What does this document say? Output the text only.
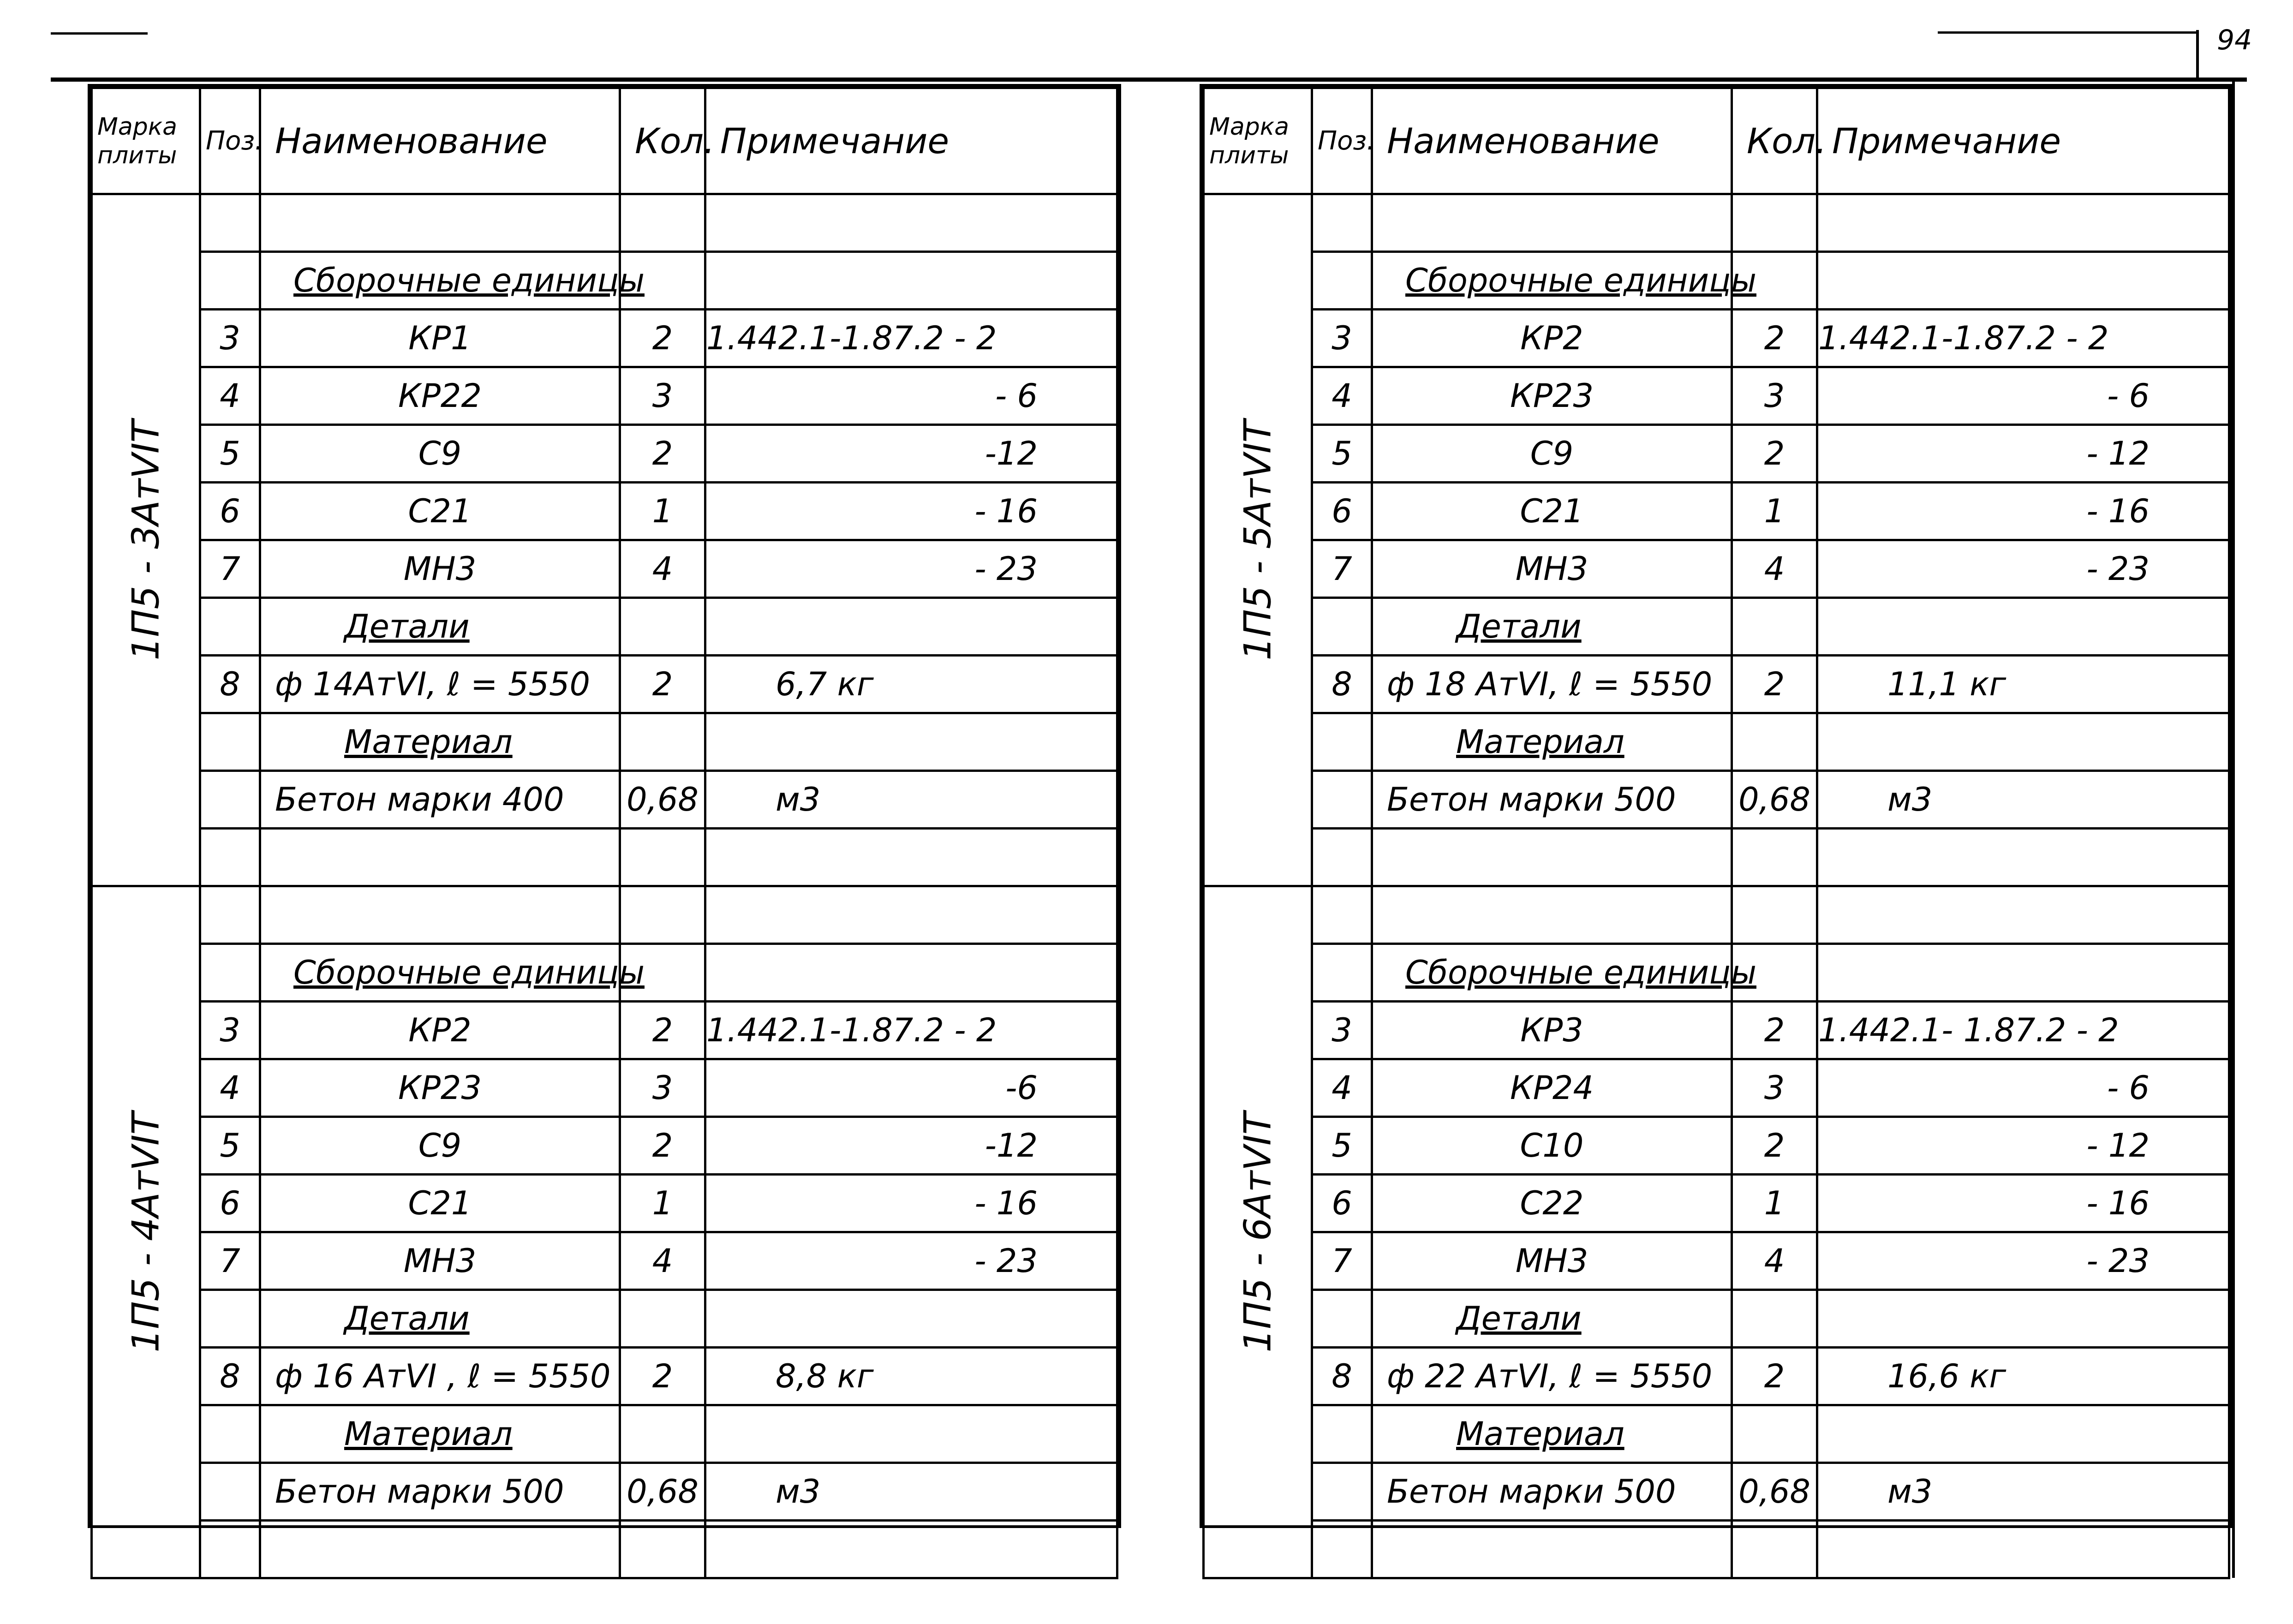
94
Марка плиты	Поз.	Наименование	Кол.	Примечание

1П5 - 3АтVIT				

		Сборочные единицы		
	3	КР1	2	1.442.1-1.87.2 - 2
	4	КР22	3	- 6
	5	С9	2	-12
	6	С21	1	- 16
	7	МН3	4	- 23
		Детали		
	8	ф 14АтVI, ℓ = 5550	2	6,7 кг
		Материал		
		Бетон марки 400	0,68	м3

1П5 - 4АтVIT				

		Сборочные единицы		
	3	КР2	2	1.442.1-1.87.2 - 2
	4	КР23	3	-6
	5	С9	2	-12
	6	С21	1	- 16
	7	МН3	4	- 23
		Детали		
	8	ф 16 АтVI , ℓ = 5550	2	8,8 кг
		Материал		
		Бетон марки 500	0,68	м3

Марка плиты	Поз.	Наименование	Кол.	Примечание

1П5 - 5АтVIT				

		Сборочные единицы		
	3	КР2	2	1.442.1-1.87.2 - 2
	4	КР23	3	- 6
	5	С9	2	- 12
	6	С21	1	- 16
	7	МН3	4	- 23
		Детали		
	8	ф 18 АтVI, ℓ = 5550	2	11,1 кг
		Материал		
		Бетон марки 500	0,68	м3

1П5 - 6АтVIT				

		Сборочные единицы		
	3	КР3	2	1.442.1- 1.87.2 - 2
	4	КР24	3	- 6
	5	С10	2	- 12
	6	С22	1	- 16
	7	МН3	4	- 23
		Детали		
	8	ф 22 АтVI, ℓ = 5550	2	16,6 кг
		Материал		
		Бетон марки 500	0,68	м3
